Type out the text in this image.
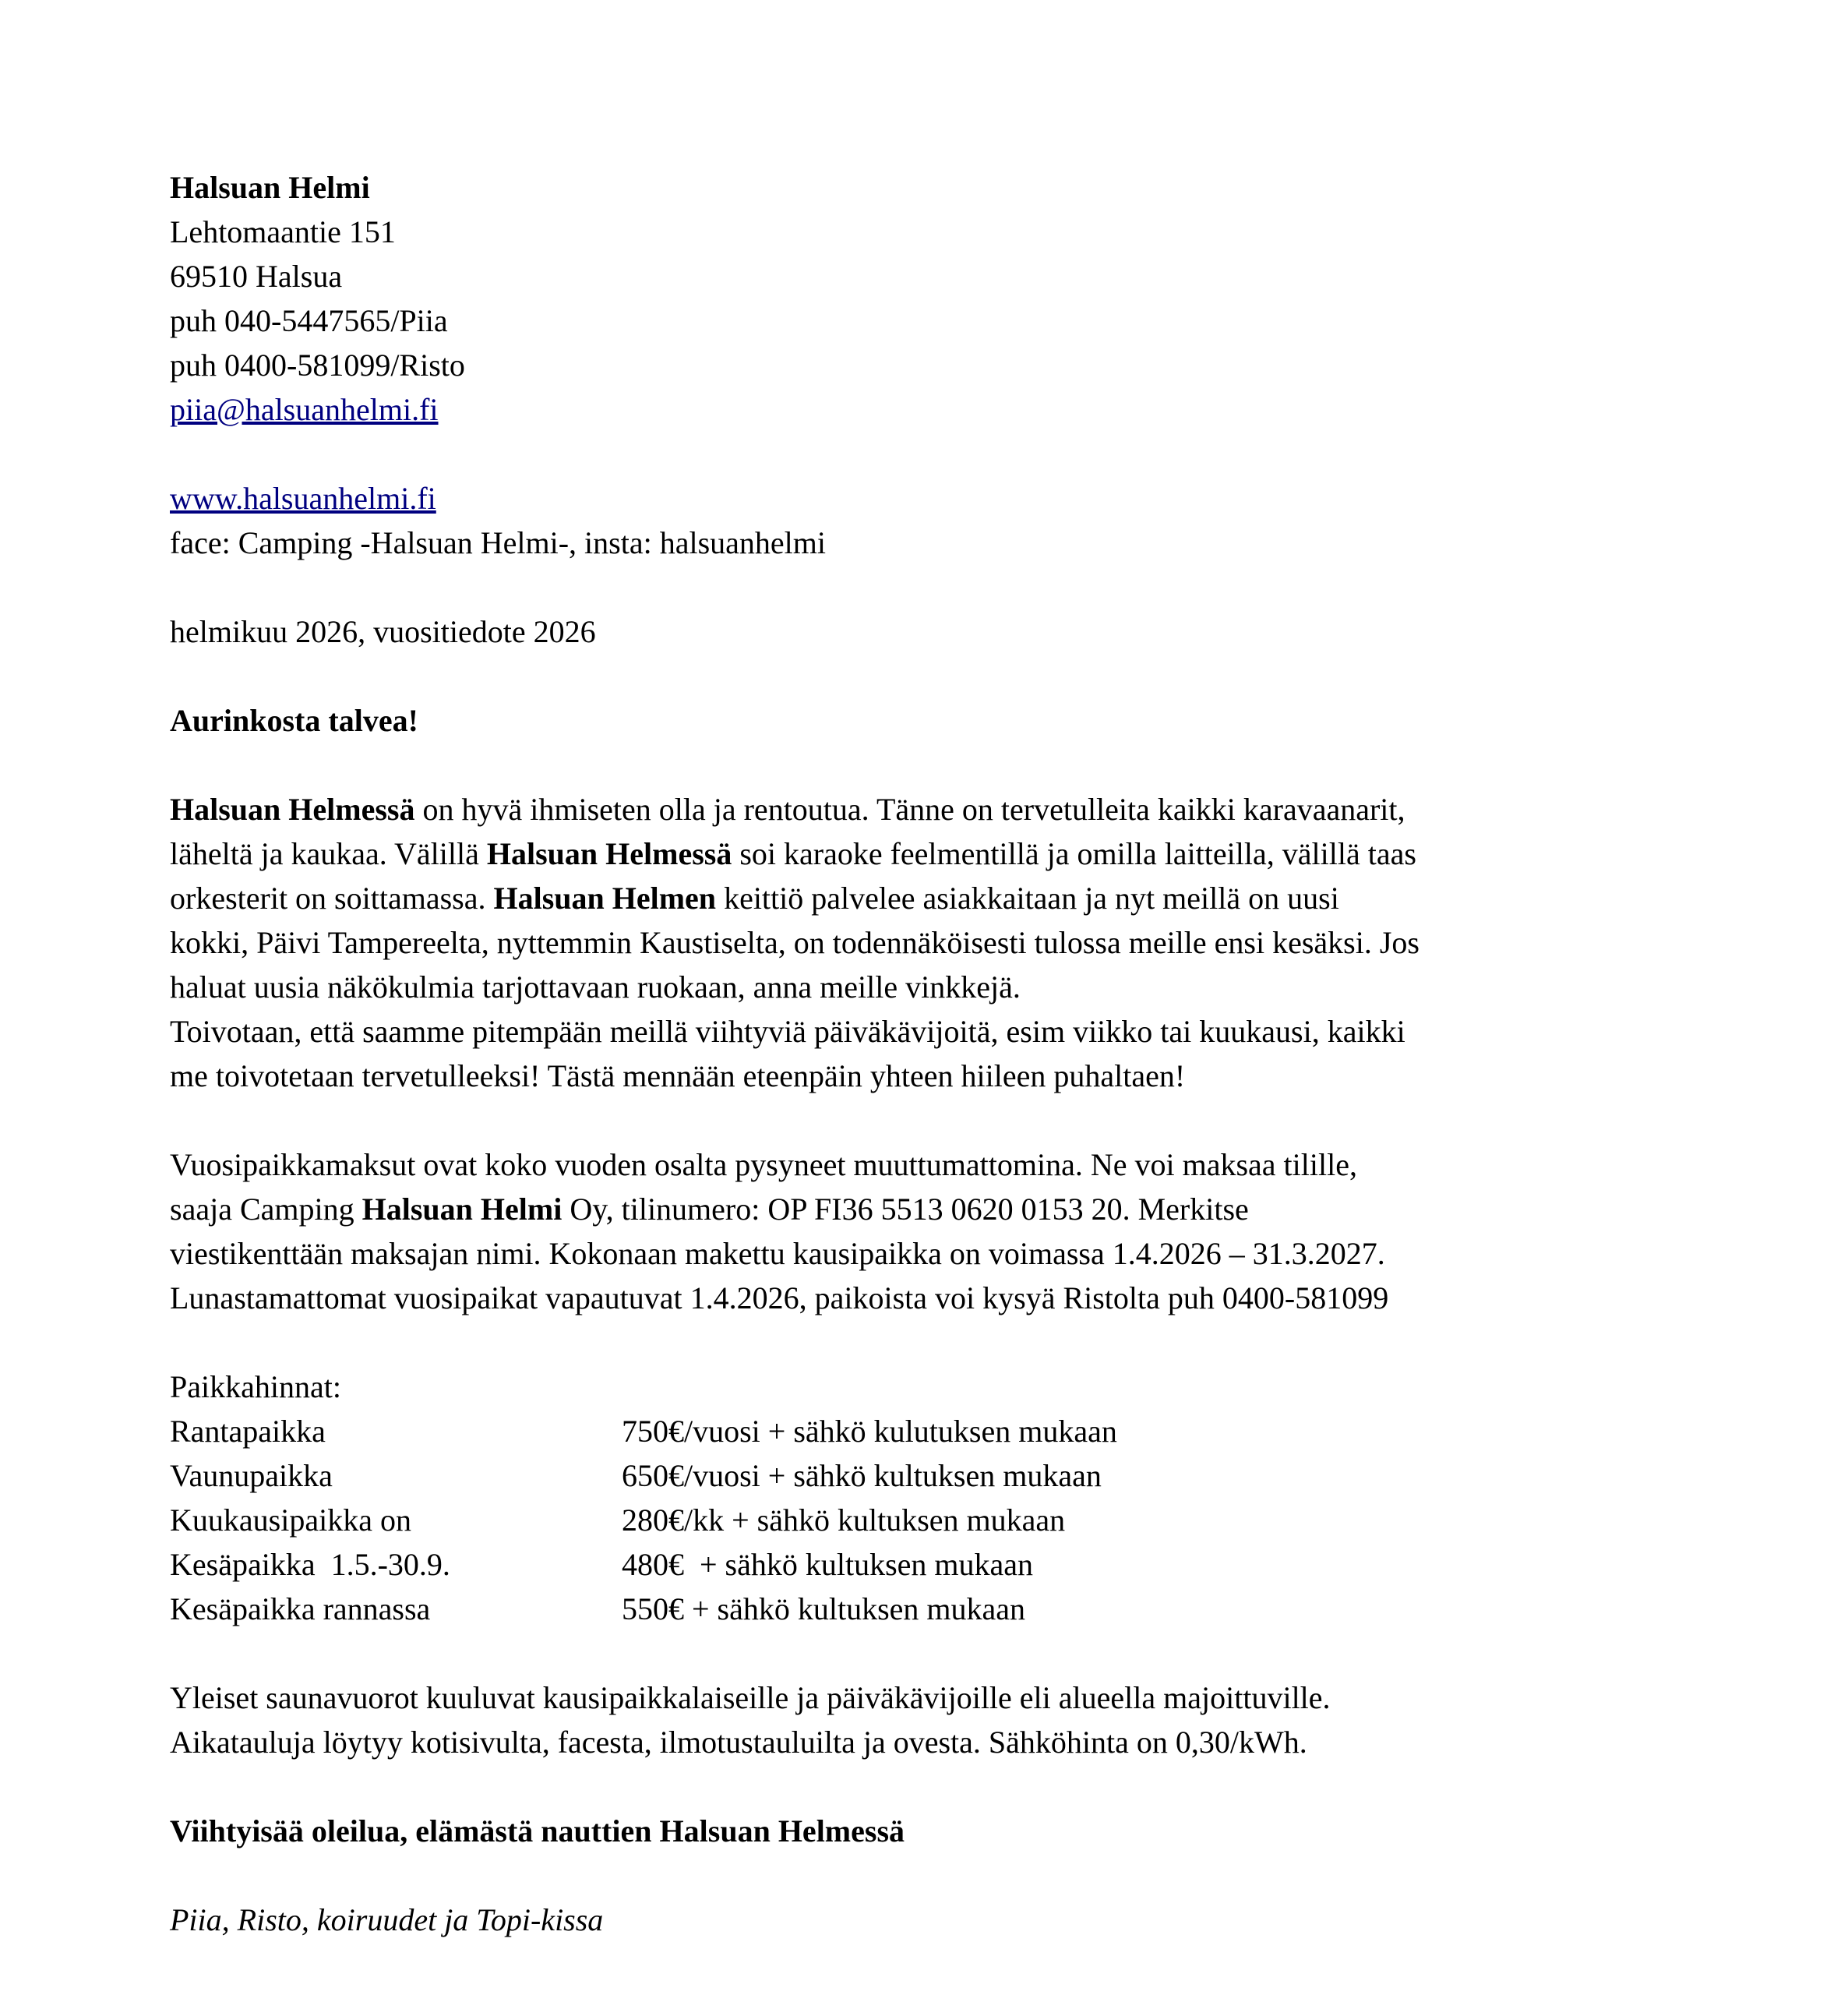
Halsuan Helmi
Lehtomaantie 151
69510 Halsua
puh 040-5447565/Piia
puh 0400-581099/Risto
piia@halsuanhelmi.fi
www.halsuanhelmi.fi
face: Camping -Halsuan Helmi-, insta: halsuanhelmi
helmikuu 2026, vuositiedote 2026
Aurinkosta talvea!
Halsuan Helmessä on hyvä ihmiseten olla ja rentoutua. Tänne on tervetulleita kaikki karavaanarit,
läheltä ja kaukaa. Välillä Halsuan Helmessä soi karaoke feelmentillä ja omilla laitteilla, välillä taas
orkesterit on soittamassa. Halsuan Helmen keittiö palvelee asiakkaitaan ja nyt meillä on uusi
kokki, Päivi Tampereelta, nyttemmin Kaustiselta, on todennäköisesti tulossa meille ensi kesäksi. Jos
haluat uusia näkökulmia tarjottavaan ruokaan, anna meille vinkkejä.
Toivotaan, että saamme pitempään meillä viihtyviä päiväkävijoitä, esim viikko tai kuukausi, kaikki
me toivotetaan tervetulleeksi! Tästä mennään eteenpäin yhteen hiileen puhaltaen!
Vuosipaikkamaksut ovat koko vuoden osalta pysyneet muuttumattomina. Ne voi maksaa tilille,
saaja Camping Halsuan Helmi Oy, tilinumero: OP FI36 5513 0620 0153 20. Merkitse
viestikenttään maksajan nimi. Kokonaan makettu kausipaikka on voimassa 1.4.2026 – 31.3.2027.
Lunastamattomat vuosipaikat vapautuvat 1.4.2026, paikoista voi kysyä Ristolta puh 0400-581099
Paikkahinnat:
Rantapaikka	750€/vuosi + sähkö kulutuksen mukaan
Vaunupaikka	650€/vuosi + sähkö kultuksen mukaan
Kuukausipaikka on	280€/kk + sähkö kultuksen mukaan
Kesäpaikka  1.5.-30.9.	480€  + sähkö kultuksen mukaan
Kesäpaikka rannassa	550€ + sähkö kultuksen mukaan
Yleiset saunavuorot kuuluvat kausipaikkalaiseille ja päiväkävijoille eli alueella majoittuville.
Aikatauluja löytyy kotisivulta, facesta, ilmotustauluilta ja ovesta. Sähköhinta on 0,30/kWh.
Viihtyisää oleilua, elämästä nauttien Halsuan Helmessä
Piia, Risto, koiruudet ja Topi-kissa
